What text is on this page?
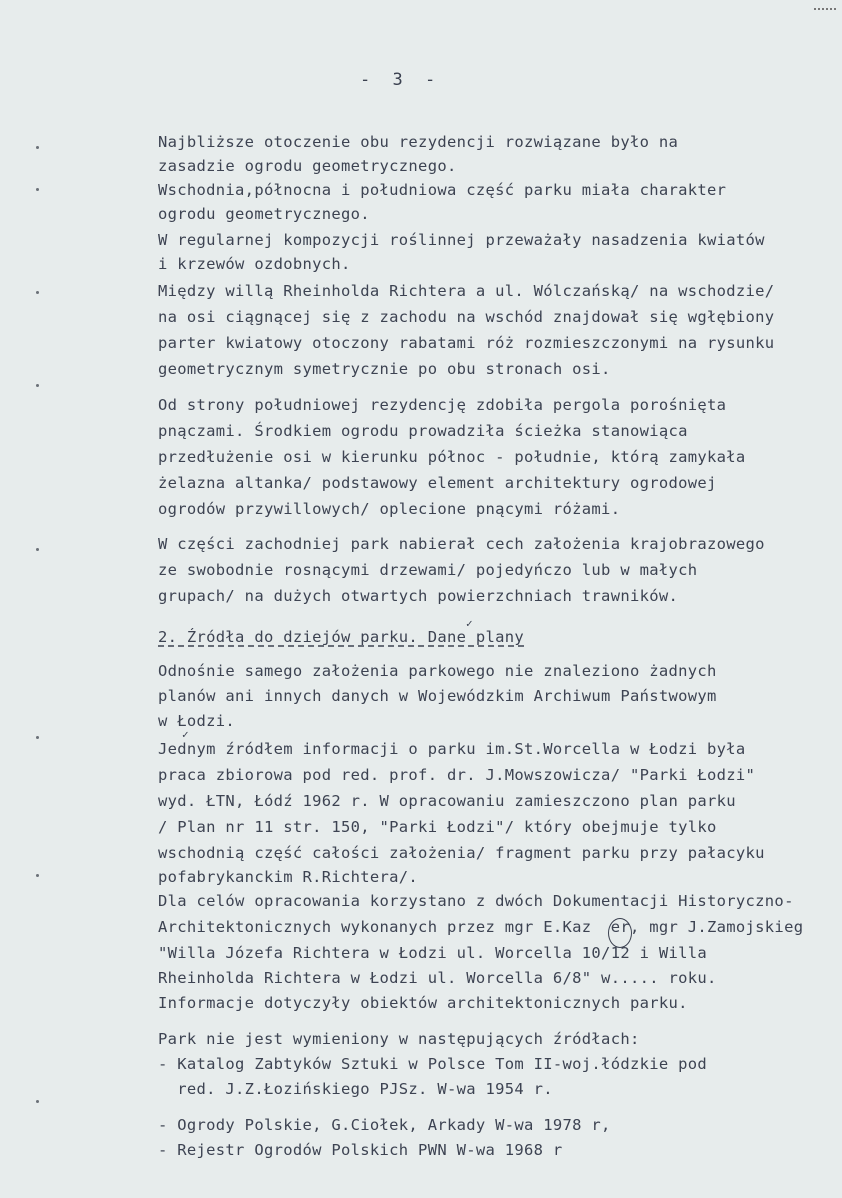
- 3 -
Najbliższe otoczenie obu rezydencji rozwiązane było na
zasadzie ogrodu geometrycznego.
Wschodnia,północna i południowa część parku miała charakter
ogrodu geometrycznego.
W regularnej kompozycji roślinnej przeważały nasadzenia kwiatów
i krzewów ozdobnych.
Między willą Rheinholda Richtera a ul. Wólczańską/ na wschodzie/
na osi ciągnącej się z zachodu na wschód znajdował się wgłębiony
parter kwiatowy otoczony rabatami róż rozmieszczonymi na rysunku
geometrycznym symetrycznie po obu stronach osi.
Od strony południowej rezydencję zdobiła pergola porośnięta
pnączami. Środkiem ogrodu prowadziła ścieżka stanowiąca
przedłużenie osi w kierunku północ - południe, którą zamykała
żelazna altanka/ podstawowy element architektury ogrodowej
ogrodów przywillowych/ oplecione pnącymi różami.
W części zachodniej park nabierał cech założenia krajobrazowego
ze swobodnie rosnącymi drzewami/ pojedyńczo lub w małych
grupach/ na dużych otwartych powierzchniach trawników.
✓
2. Źródła do dziejów parku. Dane plany
Odnośnie samego założenia parkowego nie znaleziono żadnych
planów ani innych danych w Wojewódzkim Archiwum Państwowym
w Łodzi.
✓
Jednym źródłem informacji o parku im.St.Worcella w Łodzi była
praca zbiorowa pod red. prof. dr. J.Mowszowicza/ "Parki Łodzi"
wyd. ŁTN, Łódź 1962 r. W opracowaniu zamieszczono plan parku
/ Plan nr 11 str. 150, "Parki Łodzi"/ który obejmuje tylko
wschodnią część całości założenia/ fragment parku przy pałacyku
pofabrykanckim R.Richtera/.
Dla celów opracowania korzystano z dwóch Dokumentacji Historyczno-
Architektonicznych wykonanych przez mgr E.Kaz  er, mgr J.Zamojskieg
"Willa Józefa Richtera w Łodzi ul. Worcella 10/12 i Willa
Rheinholda Richtera w Łodzi ul. Worcella 6/8" w..... roku.
Informacje dotyczyły obiektów architektonicznych parku.
Park nie jest wymieniony w następujących źródłach:
- Katalog Zabtyków Sztuki w Polsce Tom II-woj.łódzkie pod
red. J.Z.Łozińskiego PJSz. W-wa 1954 r.
- Ogrody Polskie, G.Ciołek, Arkady W-wa 1978 r,
- Rejestr Ogrodów Polskich PWN W-wa 1968 r
